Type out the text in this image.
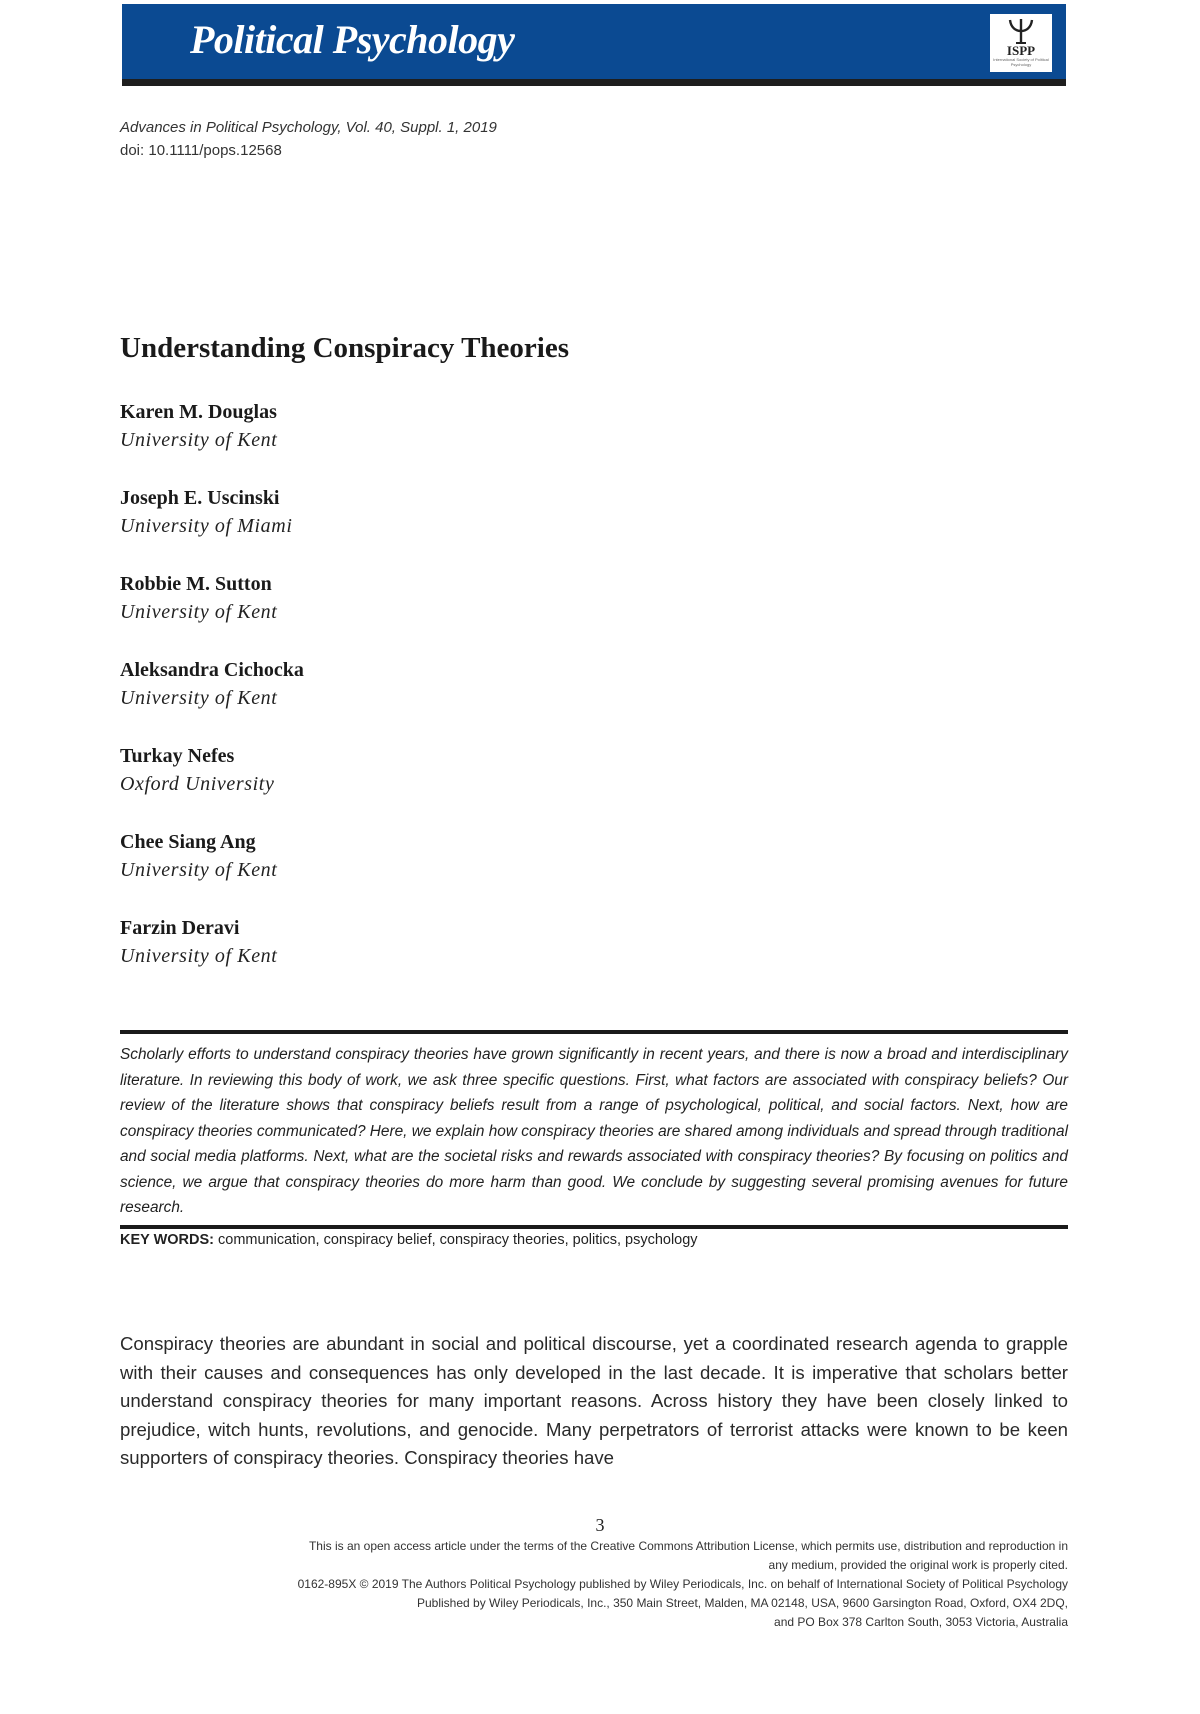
Political Psychology	ISPP
International Society of Political Psychology
Advances in Political Psychology, Vol. 40, Suppl. 1, 2019
doi: 10.1111/pops.12568
Understanding Conspiracy Theories
Karen M. Douglas
University of Kent
Joseph E. Uscinski
University of Miami
Robbie M. Sutton
University of Kent
Aleksandra Cichocka
University of Kent
Turkay Nefes
Oxford University
Chee Siang Ang
University of Kent
Farzin Deravi
University of Kent

Scholarly efforts to understand conspiracy theories have grown significantly in recent years, and there is now a broad and interdisciplinary literature. In reviewing this body of work, we ask three specific questions. First, what factors are associated with conspiracy beliefs? Our review of the literature shows that conspiracy beliefs result from a range of psychological, political, and social factors. Next, how are conspiracy theories communicated? Here, we explain how conspiracy theories are shared among individuals and spread through traditional and social media platforms. Next, what are the societal risks and rewards associated with conspiracy theories? By focusing on politics and science, we argue that conspiracy theories do more harm than good. We conclude by suggesting several promising avenues for future research.

KEY WORDS: communication, conspiracy belief, conspiracy theories, politics, psychology

Conspiracy theories are abundant in social and political discourse, yet a coordinated research agenda to grapple with their causes and consequences has only developed in the last decade. It is imperative that scholars better understand conspiracy theories for many important reasons. Across history they have been closely linked to prejudice, witch hunts, revolutions, and genocide. Many perpetrators of terrorist attacks were known to be keen supporters of conspiracy theories. Conspiracy theories have

3
This is an open access article under the terms of the Creative Commons Attribution License, which permits use, distribution and reproduction in
any medium, provided the original work is properly cited.
0162-895X © 2019 The Authors Political Psychology published by Wiley Periodicals, Inc. on behalf of International Society of Political Psychology
Published by Wiley Periodicals, Inc., 350 Main Street, Malden, MA 02148, USA, 9600 Garsington Road, Oxford, OX4 2DQ,
and PO Box 378 Carlton South, 3053 Victoria, Australia
